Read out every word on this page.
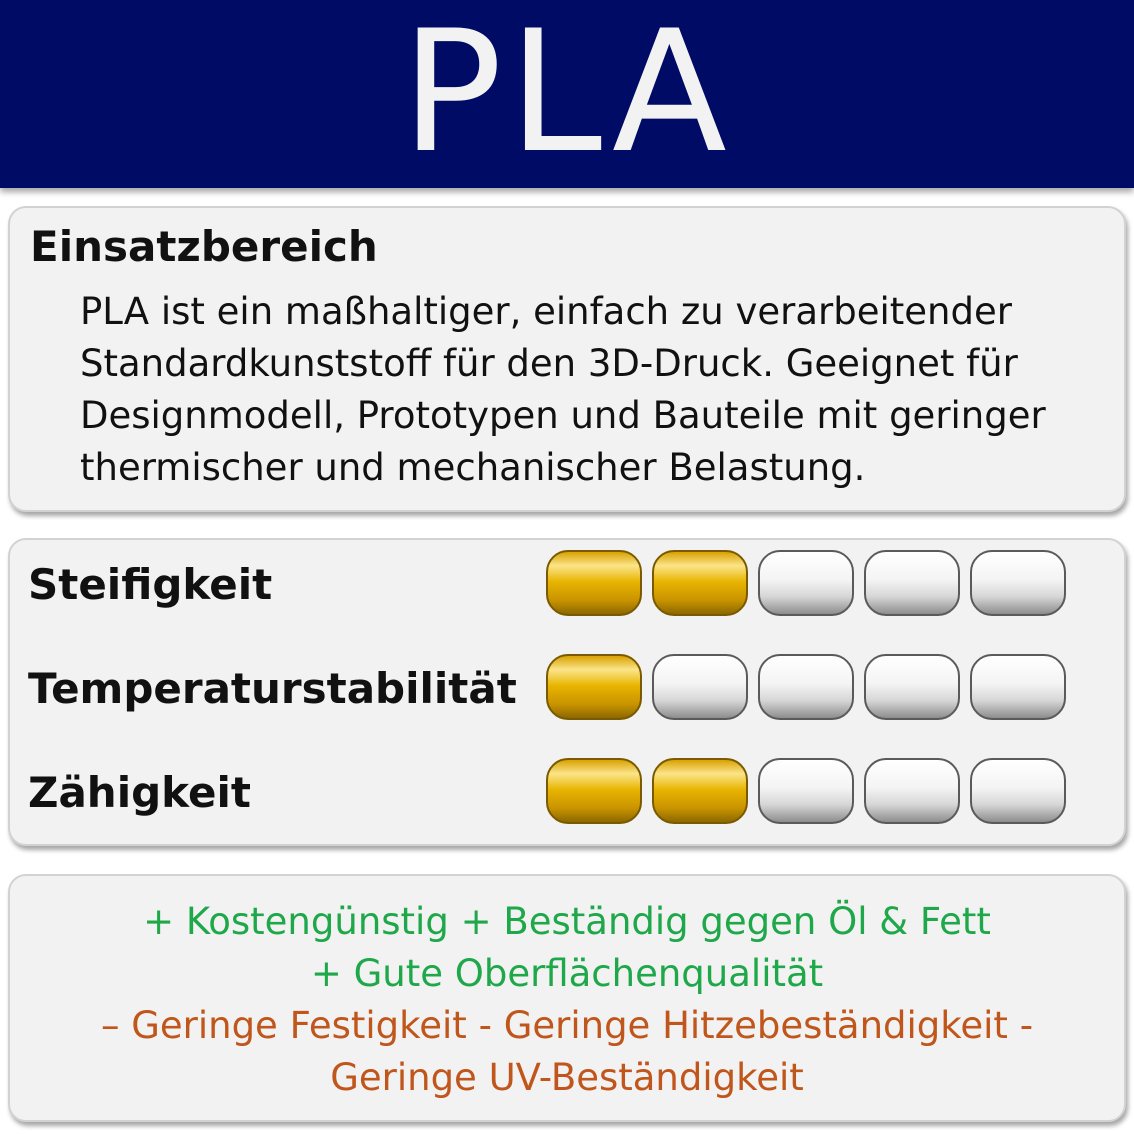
PLA
Einsatzbereich

PLA ist ein maßhaltiger, einfach zu verarbeitender Standardkunststoff für den 3D-Druck. Geeignet für Designmodell, Prototypen und Bauteile mit geringer thermischer und mechanischer Belastung.

Steifigkeit
Temperaturstabilität
Zähigkeit
+ Kostengünstig + Beständig gegen Öl & Fett
+ Gute Oberflächenqualität
– Geringe Festigkeit - Geringe Hitzebeständigkeit -
Geringe UV-Beständigkeit
